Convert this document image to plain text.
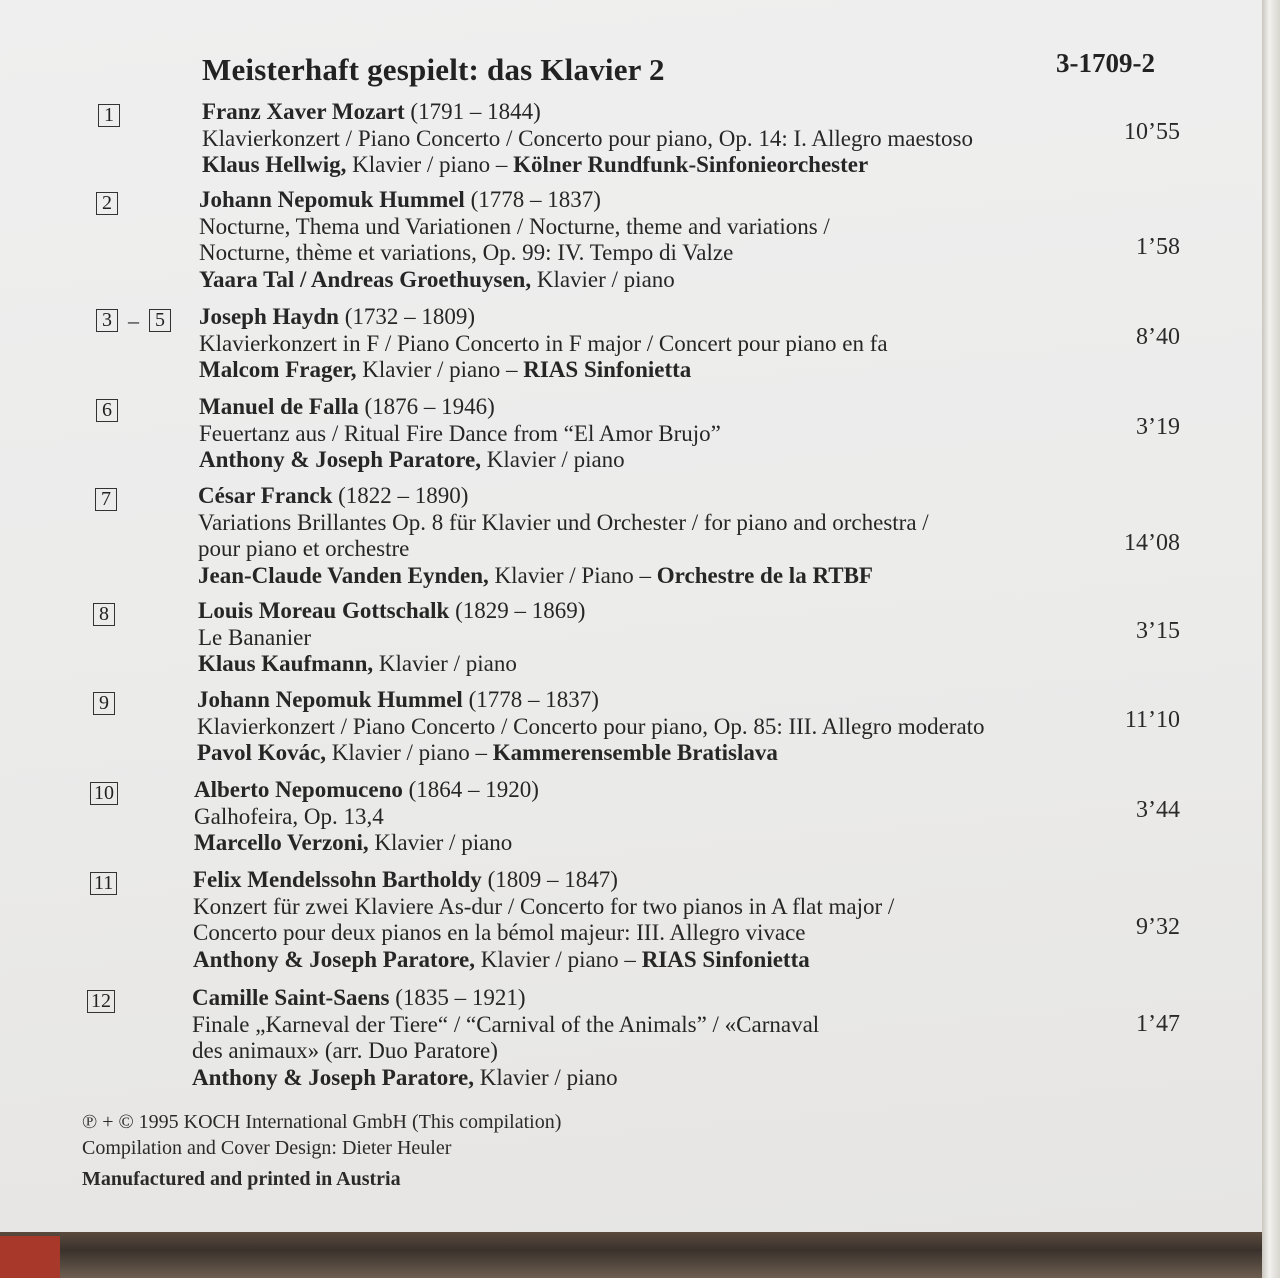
Meisterhaft gespielt: das Klavier 2	3-1709-2
1	Franz Xaver Mozart (1791 – 1844)
Klavierkonzert / Piano Concerto / Concerto pour piano, Op. 14: I. Allegro maestoso
Klaus Hellwig, Klavier / piano – Kölner Rundfunk-Sinfonieorchester
10’55
2	Johann Nepomuk Hummel (1778 – 1837)
Nocturne, Thema und Variationen / Nocturne, theme and variations /
Nocturne, thème et variations, Op. 99: IV. Tempo di Valze
Yaara Tal / Andreas Groethuysen, Klavier / piano
1’58
3 – 5 Joseph Haydn (1732 – 1809)
Klavierkonzert in F / Piano Concerto in F major / Concert pour piano en fa
Malcom Frager, Klavier / piano – RIAS Sinfonietta
8’40
6	Manuel de Falla (1876 – 1946)
Feuertanz aus / Ritual Fire Dance from “El Amor Brujo”
Anthony & Joseph Paratore, Klavier / piano
3’19
7	César Franck (1822 – 1890)
Variations Brillantes Op. 8 für Klavier und Orchester / for piano and orchestra /
pour piano et orchestre
Jean-Claude Vanden Eynden, Klavier / Piano – Orchestre de la RTBF
14’08
8	Louis Moreau Gottschalk (1829 – 1869)
Le Bananier
Klaus Kaufmann, Klavier / piano
3’15
9	Johann Nepomuk Hummel (1778 – 1837)
Klavierkonzert / Piano Concerto / Concerto pour piano, Op. 85: III. Allegro moderato
Pavol Kovác, Klavier / piano – Kammerensemble Bratislava
11’10
10	Alberto Nepomuceno (1864 – 1920)
Galhofeira, Op. 13,4
Marcello Verzoni, Klavier / piano
3’44
11	Felix Mendelssohn Bartholdy (1809 – 1847)
Konzert für zwei Klaviere As-dur / Concerto for two pianos in A flat major /
Concerto pour deux pianos en la bémol majeur: III. Allegro vivace
Anthony & Joseph Paratore, Klavier / piano – RIAS Sinfonietta
9’32
12	Camille Saint-Saens (1835 – 1921)
Finale „Karneval der Tiere“ / “Carnival of the Animals” / «Carnaval
des animaux» (arr. Duo Paratore)
Anthony & Joseph Paratore, Klavier / piano
1’47
℗ + © 1995 KOCH International GmbH (This compilation)
Compilation and Cover Design: Dieter Heuler
Manufactured and printed in Austria
